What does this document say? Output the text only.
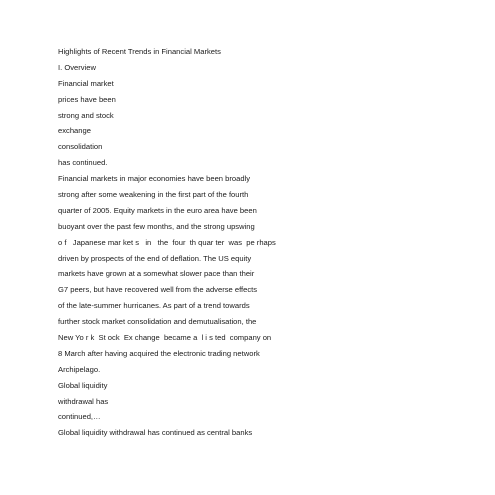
Highlights of Recent Trends in Financial Markets
I. Overview
Financial market
prices have been
strong and stock
exchange
consolidation
has continued.
Financial markets in major economies have been broadly
strong after some weakening in the first part of the fourth
quarter of 2005. Equity markets in the euro area have been
buoyant over the past few months, and the strong upswing
o f   Japanese mar ket s   in   the  four  th quar ter  was  pe rhaps
driven by prospects of the end of deflation. The US equity
markets have grown at a somewhat slower pace than their
G7 peers, but have recovered well from the adverse effects
of the late-summer hurricanes. As part of a trend towards
further stock market consolidation and demutualisation, the
New Yo r k  St ock  Ex change  became a  l i s ted  company on
8 March after having acquired the electronic trading network
Archipelago.
Global liquidity
withdrawal has
continued,…
Global liquidity withdrawal has continued as central banks
